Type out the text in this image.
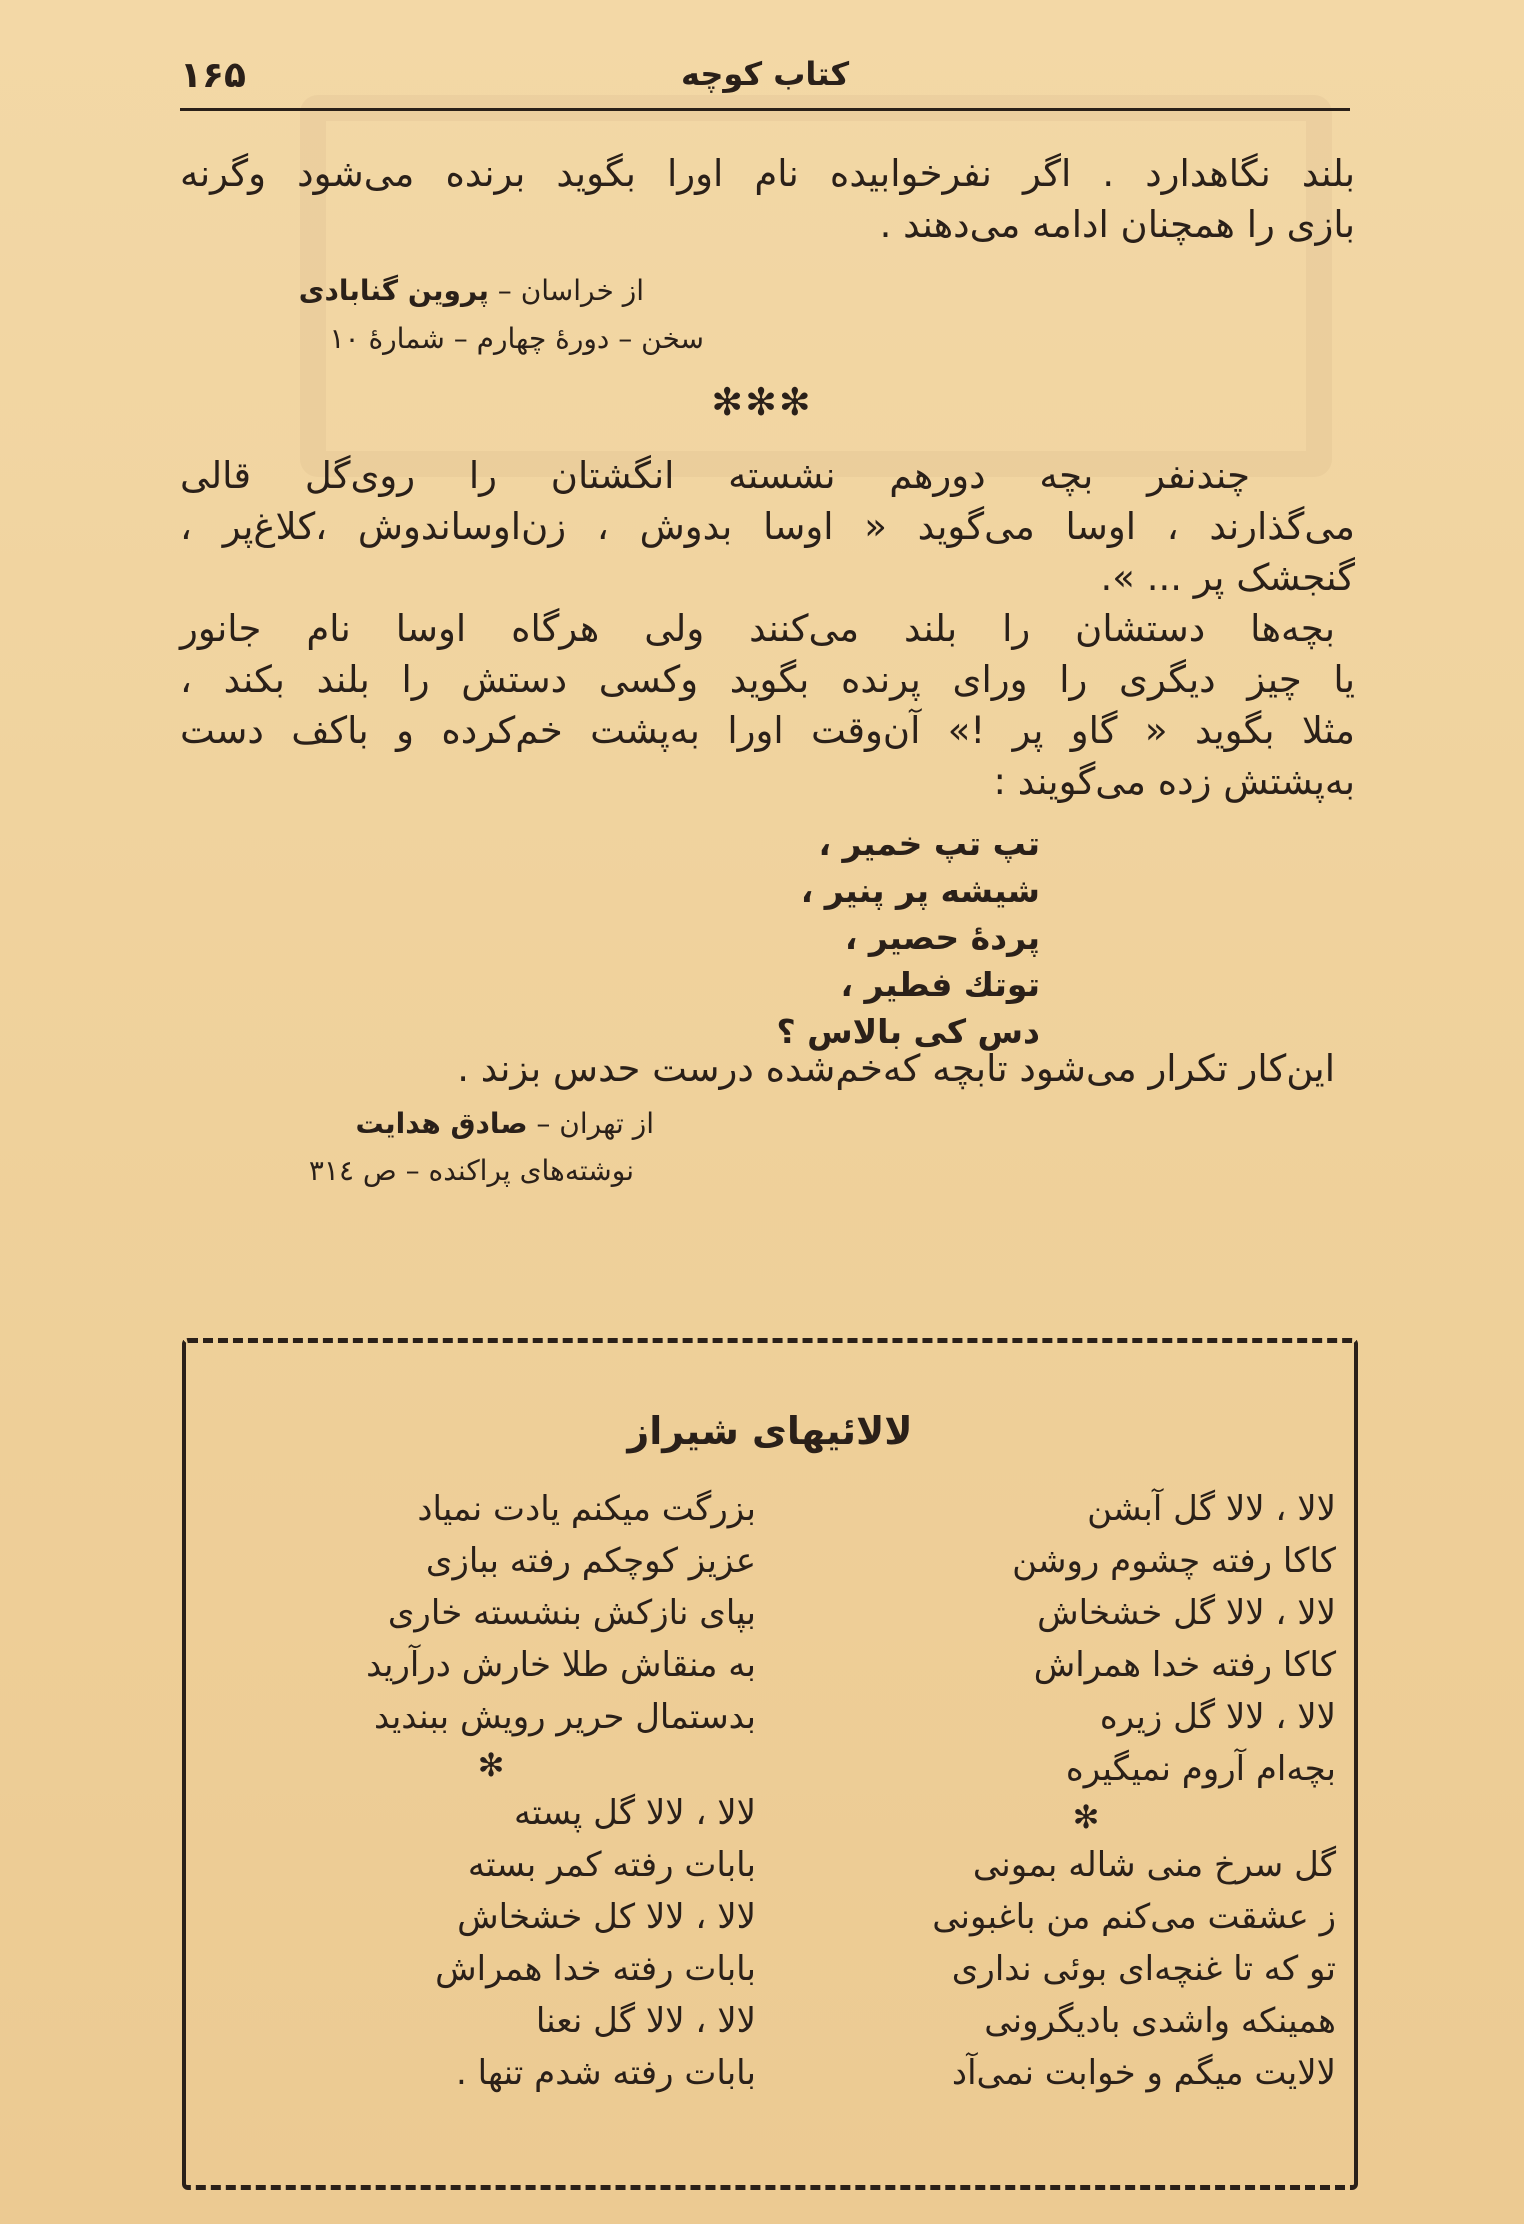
کتاب کوچه
۱۶۵
بلند نگاهدارد . اگر نفرخوابیده نام اورا بگوید برنده می‌شود وگرنه
بازی را همچنان ادامه می‌دهند .
از خراسان – پروین گنابادی
سخن – دورهٔ چهارم – شمارهٔ ۱۰
✻✻✻
چندنفر بچه دورهم نشسته انگشتان را روی‌گل قالی
می‌گذارند ، اوسا می‌گوید « اوسا بدوش ، زن‌اوساندوش ،کلاغ‌پر ،
گنجشک پر ... ».
بچه‌ها دستشان را بلند می‌کنند ولی هرگاه اوسا نام جانور
یا چیز دیگری را ورای پرنده بگوید وکسی دستش را بلند بکند ،
مثلا بگوید « گاو پر !» آن‌وقت اورا به‌پشت خم‌کرده و باکف دست
به‌پشتش زده می‌گویند :
تپ تپ خمیر ،
شیشه پر پنیر ،
پردهٔ حصیر ،
توتك فطیر ،
دس کی بالاس ؟
این‌کار تکرار می‌شود تابچه که‌خم‌شده درست حدس بزند .
از تهران – صادق هدایت
نوشته‌های پراکنده – ص ۳۱٤
لالائیهای شیراز
لالا ، لالا گل آبشن
کاکا رفته چشوم روشن
لالا ، لالا گل خشخاش
کاکا رفته خدا همراش
لالا ، لالا گل زیره
بچه‌ام آروم نمیگیره
✻
گل سرخ منی شاله بمونی
ز عشقت می‌کنم من باغبونی
تو که تا غنچه‌ای بوئی نداری
همینکه واشدی بادیگرونی
لالایت میگم و خوابت نمی‌آد
بزرگت میکنم یادت نمیاد
عزیز کوچکم رفته ببازی
بپای نازکش بنشسته خاری
به منقاش طلا خارش درآرید
بدستمال حریر رویش ببندید
✻
لالا ، لالا گل پسته
بابات رفته کمر بسته
لالا ، لالا کل خشخاش
بابات رفته خدا همراش
لالا ، لالا گل نعنا
بابات رفته شدم تنها .
